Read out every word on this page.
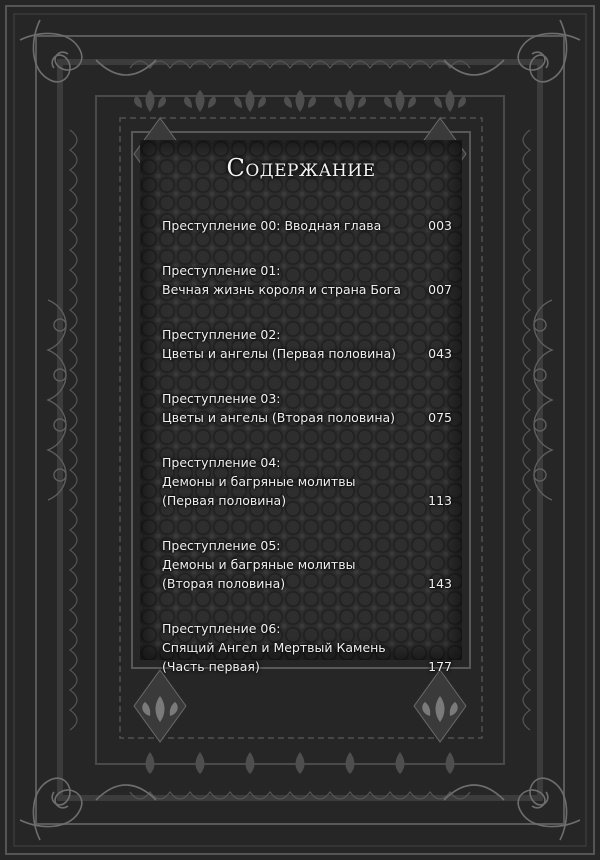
Содержание
Преступление 00: Вводная глава	003
Преступление 01:
Вечная жизнь короля и страна Бога	007
Преступление 02:
Цветы и ангелы (Первая половина)	043
Преступление 03:
Цветы и ангелы (Вторая половина)	075
Преступление 04:
Демоны и багряные молитвы
(Первая половина)	113
Преступление 05:
Демоны и багряные молитвы
(Вторая половина)	143
Преступление 06:
Спящий Ангел и Мертвый Камень
(Часть первая)	177
